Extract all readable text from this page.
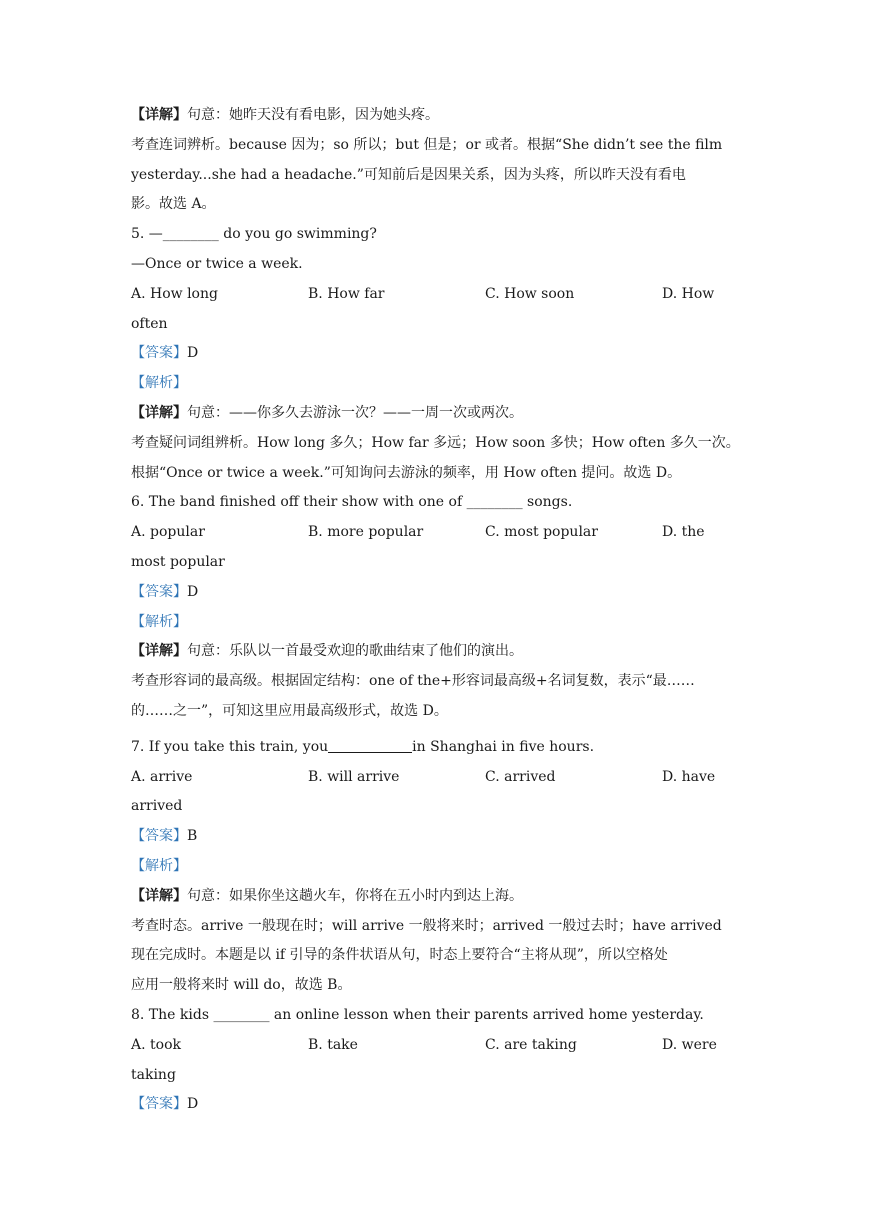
【详解】句意：她昨天没有看电影，因为她头疼。
考查连词辨析。because 因为；so 所以；but 但是；or 或者。根据“She didn’t see the film
yesterday...she had a headache.”可知前后是因果关系，因为头疼，所以昨天没有看电
影。故选 A。
5. —________ do you go swimming?
—Once or twice a week.
A. How long	B. How far	C. How soon	D. How
often
【答案】D
【解析】
【详解】句意：——你多久去游泳一次？——一周一次或两次。
考查疑问词组辨析。How long 多久；How far 多远；How soon 多快；How often 多久一次。
根据“Once or twice a week.”可知询问去游泳的频率，用 How often 提问。故选 D。
6. The band finished off their show with one of ________ songs.
A. popular	B. more popular	C. most popular	D. the
most popular
【答案】D
【解析】
【详解】句意：乐队以一首最受欢迎的歌曲结束了他们的演出。
考查形容词的最高级。根据固定结构：one of the+形容词最高级+名词复数，表示“最……
的……之一”，可知这里应用最高级形式，故选 D。
7. If you take this train, you	in Shanghai in five hours.
A. arrive	B. will arrive	C. arrived	D. have
arrived
【答案】B
【解析】
【详解】句意：如果你坐这趟火车，你将在五小时内到达上海。
考查时态。arrive 一般现在时；will arrive 一般将来时；arrived 一般过去时；have arrived
现在完成时。本题是以 if 引导的条件状语从句，时态上要符合“主将从现”，所以空格处
应用一般将来时 will do，故选 B。
8. The kids ________ an online lesson when their parents arrived home yesterday.
A. took	B. take	C. are taking	D. were
taking
【答案】D
